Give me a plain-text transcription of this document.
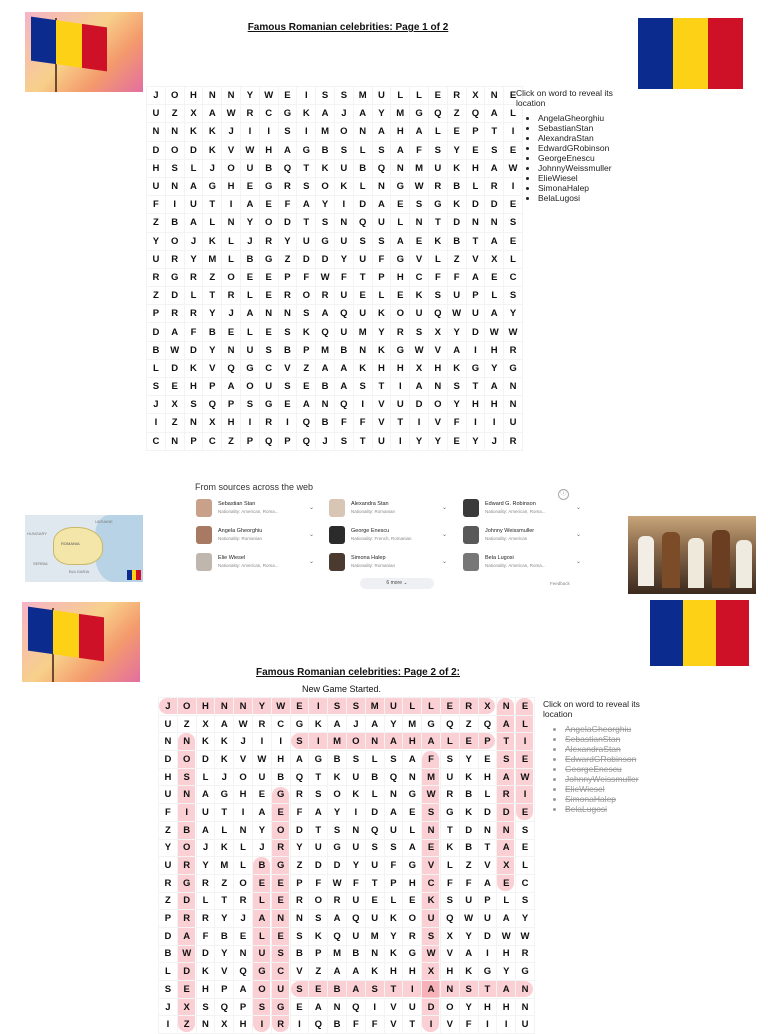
Famous Romanian celebrities: Page 1 of 2
J	O	H	N	N	Y	W	E	I	S	S	M	U	L	L	E	R	X	N	E
U	Z	X	A	W	R	C	G	K	A	J	A	Y	M	G	Q	Z	Q	A	L
N	N	K	K	J	I	I	S	I	M	O	N	A	H	A	L	E	P	T	I
D	O	D	K	V	W	H	A	G	B	S	L	S	A	F	S	Y	E	S	E
H	S	L	J	O	U	B	Q	T	K	U	B	Q	N	M	U	K	H	A	W
U	N	A	G	H	E	G	R	S	O	K	L	N	G	W	R	B	L	R	I
F	I	U	T	I	A	E	F	A	Y	I	D	A	E	S	G	K	D	D	E
Z	B	A	L	N	Y	O	D	T	S	N	Q	U	L	N	T	D	N	N	S
Y	O	J	K	L	J	R	Y	U	G	U	S	S	A	E	K	B	T	A	E
U	R	Y	M	L	B	G	Z	D	D	Y	U	F	G	V	L	Z	V	X	L
R	G	R	Z	O	E	E	P	F	W	F	T	P	H	C	F	F	A	E	C
Z	D	L	T	R	L	E	R	O	R	U	E	L	E	K	S	U	P	L	S
P	R	R	Y	J	A	N	N	S	A	Q	U	K	O	U	Q	W	U	A	Y
D	A	F	B	E	L	E	S	K	Q	U	M	Y	R	S	X	Y	D	W	W
B	W	D	Y	N	U	S	B	P	M	B	N	K	G	W	V	A	I	H	R
L	D	K	V	Q	G	C	V	Z	A	A	K	H	H	X	H	K	G	Y	G
S	E	H	P	A	O	U	S	E	B	A	S	T	I	A	N	S	T	A	N
J	X	S	Q	P	S	G	E	A	N	Q	I	V	U	D	O	Y	H	H	N
I	Z	N	X	H	I	R	I	Q	B	F	F	V	T	I	V	F	I	I	U
C	N	P	C	Z	P	Q	P	Q	J	S	T	U	I	Y	Y	E	Y	J	R
Click on word to reveal its location
• AngelaGheorghiu
• SebastianStan
• AlexandraStan
• EdwardGRobinson
• GeorgeEnescu
• JohnnyWeissmuller
• ElieWiesel
• SimonaHalep
• BelaLugosi
ROMANIA
HUNGARY
UKRAINE
SERBIA
BULGARIA
From sources across the web
ⓘ
Sebastian Stan
Nationality: American, Roma...
⌄
Alexandra Stan
Nationality: Romanian
⌄
Edward G. Robinson
Nationality: American, Roma...
⌄
Angela Gheorghiu
Nationality: Romanian
⌄
George Enescu
Nationality: French, Romanian
⌄
Johnny Weissmuller
Nationality: American
⌄
Elie Wiesel
Nationality: American, Roma...
⌄
Simona Halep
Nationality: Romanian
⌄
Bela Lugosi
Nationality: American, Roma...
⌄
6 more ⌄	Feedback
Famous Romanian celebrities: Page 2 of 2:
New Game Started.
J	O	H	N	N	Y	W	E	I	S	S	M	U	L	L	E	R	X	N	E
U	Z	X	A	W	R	C	G	K	A	J	A	Y	M	G	Q	Z	Q	A	L
N	N	K	K	J	I	I	S	I	M	O	N	A	H	A	L	E	P	T	I
D	O	D	K	V	W	H	A	G	B	S	L	S	A	F	S	Y	E	S	E
H	S	L	J	O	U	B	Q	T	K	U	B	Q	N	M	U	K	H	A	W
U	N	A	G	H	E	G	R	S	O	K	L	N	G	W	R	B	L	R	I
F	I	U	T	I	A	E	F	A	Y	I	D	A	E	S	G	K	D	D	E
Z	B	A	L	N	Y	O	D	T	S	N	Q	U	L	N	T	D	N	N	S
Y	O	J	K	L	J	R	Y	U	G	U	S	S	A	E	K	B	T	A	E
U	R	Y	M	L	B	G	Z	D	D	Y	U	F	G	V	L	Z	V	X	L
R	G	R	Z	O	E	E	P	F	W	F	T	P	H	C	F	F	A	E	C
Z	D	L	T	R	L	E	R	O	R	U	E	L	E	K	S	U	P	L	S
P	R	R	Y	J	A	N	N	S	A	Q	U	K	O	U	Q	W	U	A	Y
D	A	F	B	E	L	E	S	K	Q	U	M	Y	R	S	X	Y	D	W	W
B	W	D	Y	N	U	S	B	P	M	B	N	K	G	W	V	A	I	H	R
L	D	K	V	Q	G	C	V	Z	A	A	K	H	H	X	H	K	G	Y	G
S	E	H	P	A	O	U	S	E	B	A	S	T	I	A	N	S	T	A	N
J	X	S	Q	P	S	G	E	A	N	Q	I	V	U	D	O	Y	H	H	N
I	Z	N	X	H	I	R	I	Q	B	F	F	V	T	I	V	F	I	I	U
Click on word to reveal its location
• AngelaGheorghiu
• SebastianStan
• AlexandraStan
• EdwardGRobinson
• GeorgeEnescu
• JohnnyWeissmuller
• ElieWiesel
• SimonaHalep
• BelaLugosi
